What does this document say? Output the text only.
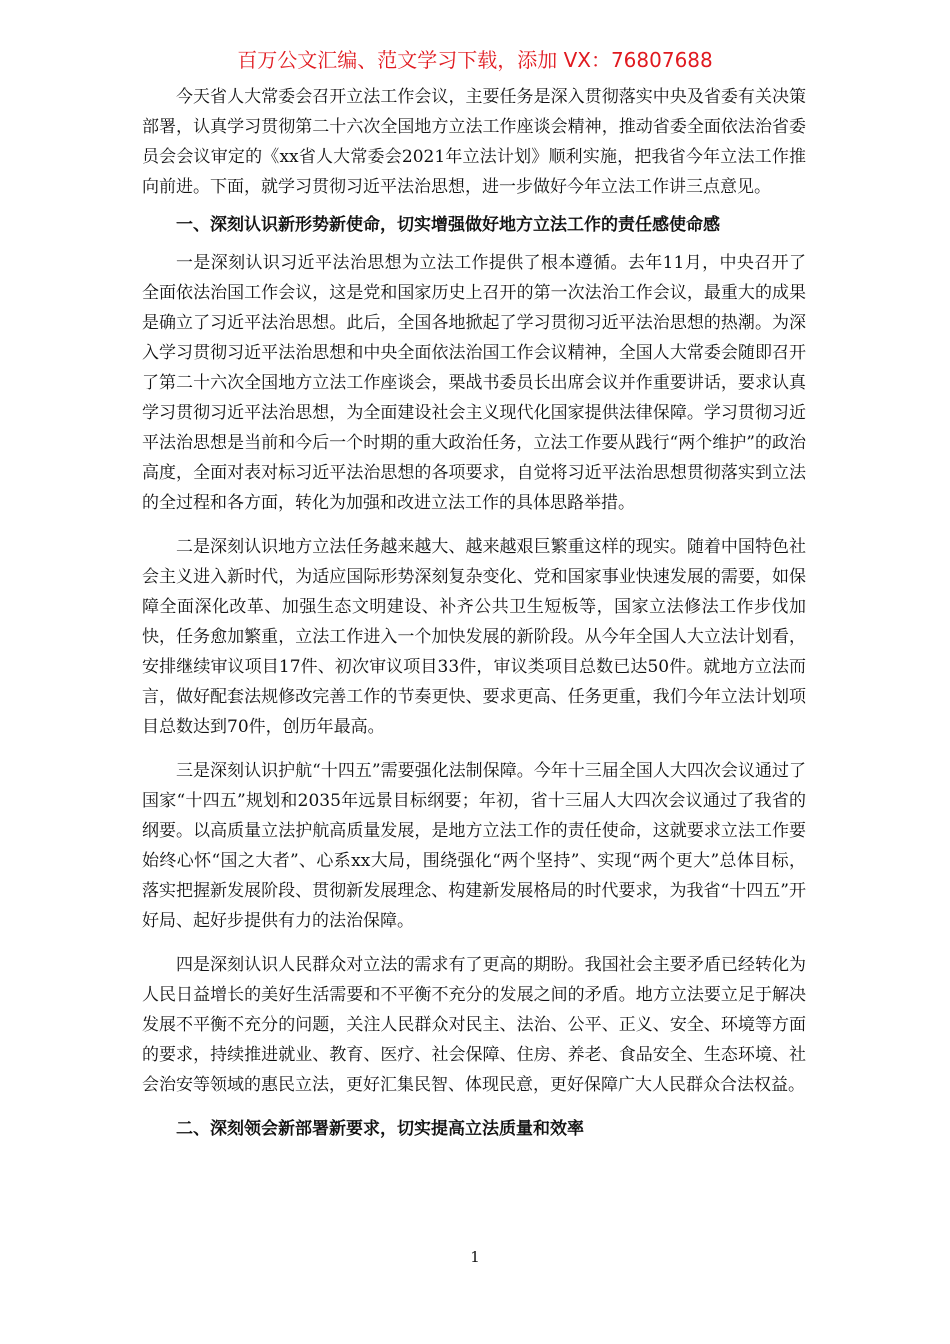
百万公文汇编、范文学习下载，添加 VX：76807688

今天省人大常委会召开立法工作会议，主要任务是深入贯彻落实中央及省委有关决策部署，认真学习贯彻第二十六次全国地方立法工作座谈会精神，推动省委全面依法治省委员会会议审定的《xx省人大常委会2021年立法计划》顺利实施，把我省今年立法工作推向前进。下面，就学习贯彻习近平法治思想，进一步做好今年立法工作讲三点意见。

一、深刻认识新形势新使命，切实增强做好地方立法工作的责任感使命感

一是深刻认识习近平法治思想为立法工作提供了根本遵循。去年11月，中央召开了全面依法治国工作会议，这是党和国家历史上召开的第一次法治工作会议，最重大的成果是确立了习近平法治思想。此后，全国各地掀起了学习贯彻习近平法治思想的热潮。为深入学习贯彻习近平法治思想和中央全面依法治国工作会议精神，全国人大常委会随即召开了第二十六次全国地方立法工作座谈会，栗战书委员长出席会议并作重要讲话，要求认真学习贯彻习近平法治思想，为全面建设社会主义现代化国家提供法律保障。学习贯彻习近平法治思想是当前和今后一个时期的重大政治任务，立法工作要从践行“两个维护”的政治高度，全面对表对标习近平法治思想的各项要求，自觉将习近平法治思想贯彻落实到立法的全过程和各方面，转化为加强和改进立法工作的具体思路举措。

二是深刻认识地方立法任务越来越大、越来越艰巨繁重这样的现实。随着中国特色社会主义进入新时代，为适应国际形势深刻复杂变化、党和国家事业快速发展的需要，如保障全面深化改革、加强生态文明建设、补齐公共卫生短板等，国家立法修法工作步伐加快，任务愈加繁重，立法工作进入一个加快发展的新阶段。从今年全国人大立法计划看，安排继续审议项目17件、初次审议项目33件，审议类项目总数已达50件。就地方立法而言，做好配套法规修改完善工作的节奏更快、要求更高、任务更重，我们今年立法计划项目总数达到70件，创历年最高。

三是深刻认识护航“十四五”需要强化法制保障。今年十三届全国人大四次会议通过了国家“十四五”规划和2035年远景目标纲要；年初，省十三届人大四次会议通过了我省的纲要。以高质量立法护航高质量发展，是地方立法工作的责任使命，这就要求立法工作要始终心怀“国之大者”、心系xx大局，围绕强化“两个坚持”、实现“两个更大”总体目标，落实把握新发展阶段、贯彻新发展理念、构建新发展格局的时代要求，为我省“十四五”开好局、起好步提供有力的法治保障。

四是深刻认识人民群众对立法的需求有了更高的期盼。我国社会主要矛盾已经转化为人民日益增长的美好生活需要和不平衡不充分的发展之间的矛盾。地方立法要立足于解决发展不平衡不充分的问题，关注人民群众对民主、法治、公平、正义、安全、环境等方面的要求，持续推进就业、教育、医疗、社会保障、住房、养老、食品安全、生态环境、社会治安等领域的惠民立法，更好汇集民智、体现民意，更好保障广大人民群众合法权益。

二、深刻领会新部署新要求，切实提高立法质量和效率

1
